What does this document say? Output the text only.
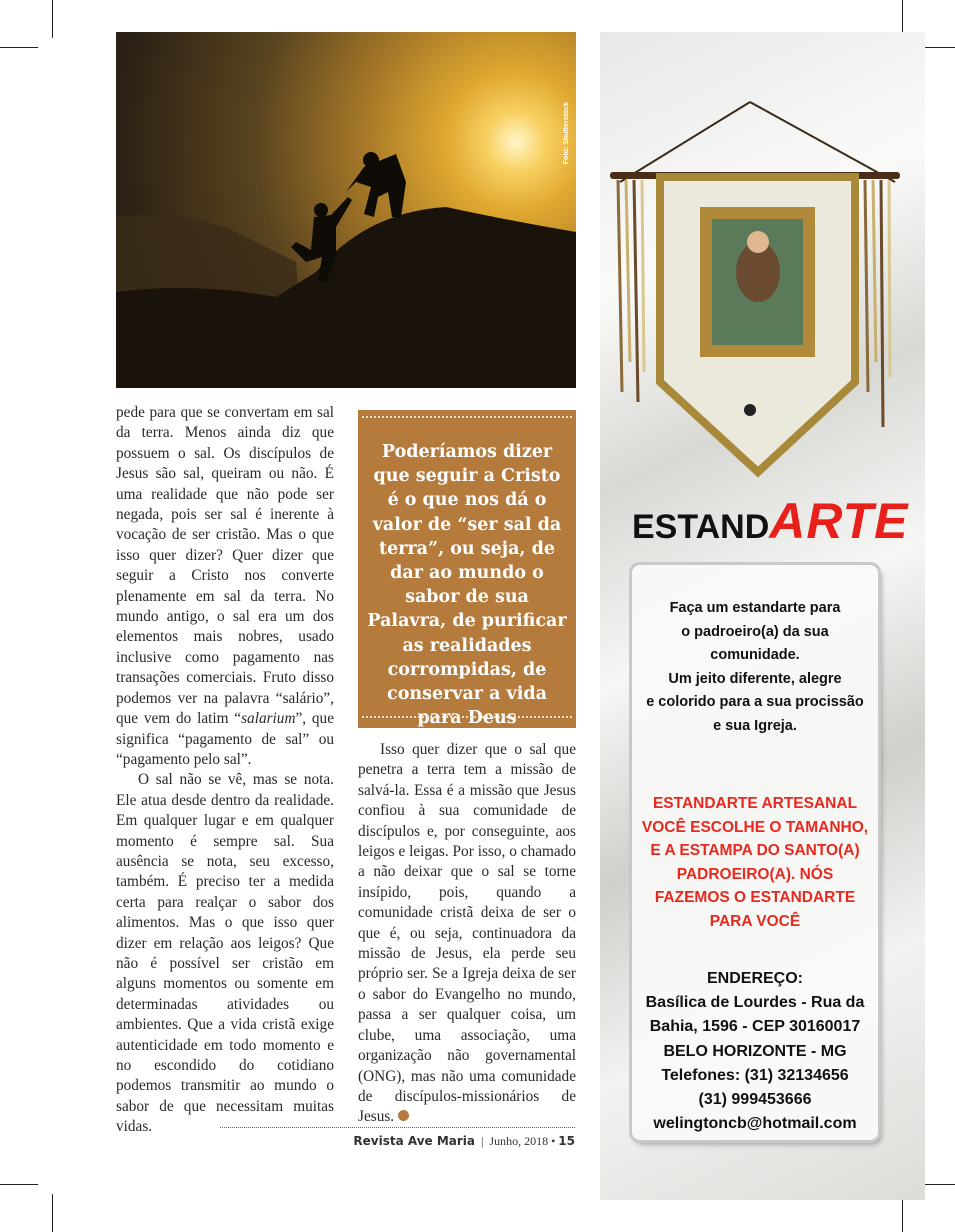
Foto: Shutterstock

pede para que se convertam em sal da terra. Menos ainda diz que possuem o sal. Os discípulos de Jesus são sal, queiram ou não. É uma realidade que não pode ser negada, pois ser sal é inerente à vocação de ser cristão. Mas o que isso quer dizer? Quer dizer que seguir a Cristo nos converte plenamente em sal da terra. No mundo antigo, o sal era um dos elementos mais nobres, usado inclusive como pagamento nas transações comerciais. Fruto disso podemos ver na palavra “salário”, que vem do latim “salarium”, que significa “pagamento de sal” ou “pagamento pelo sal”.

O sal não se vê, mas se nota. Ele atua desde dentro da realidade. Em qualquer lugar e em qualquer momento é sempre sal. Sua ausência se nota, seu excesso, também. É preciso ter a medida certa para realçar o sabor dos alimentos. Mas o que isso quer dizer em relação aos leigos? Que não é possível ser cristão em alguns momentos ou somente em determinadas atividades ou ambientes. Que a vida cristã exige autenticidade em todo momento e no escondido do cotidiano podemos transmitir ao mundo o sabor de que necessitam muitas vidas.

Poderíamos dizer que seguir a Cristo é o que nos dá o valor de “ser sal da terra”, ou seja, de dar ao mundo o sabor de sua Palavra, de purificar as realidades corrompidas, de conservar a vida para Deus

Isso quer dizer que o sal que penetra a terra tem a missão de salvá-la. Essa é a missão que Jesus confiou à sua comunidade de discípulos e, por conseguinte, aos leigos e leigas. Por isso, o chamado a não deixar que o sal se torne insípido, pois, quando a comunidade cristã deixa de ser o que é, ou seja, continuadora da missão de Jesus, ela perde seu próprio ser. Se a Igreja deixa de ser o sabor do Evangelho no mundo, passa a ser qualquer coisa, um clube, uma associação, uma organização não governamental (ONG), mas não uma comunidade de discípulos-missionários de Jesus.

Revista Ave Maria | Junho, 2018 • 15
ESTANDARTE
Faça um estandarte para
o padroeiro(a) da sua
comunidade.
Um jeito diferente, alegre
e colorido para a sua procissão
e sua Igreja.
ESTANDARTE ARTESANAL
VOCÊ ESCOLHE O TAMANHO,
E A ESTAMPA DO SANTO(A)
PADROEIRO(A). NÓS
FAZEMOS O ESTANDARTE
PARA VOCÊ
ENDEREÇO:
Basílica de Lourdes - Rua da
Bahia, 1596 - CEP 30160017
BELO HORIZONTE - MG
Telefones: (31) 32134656
(31) 999453666
welingtoncb@hotmail.com
